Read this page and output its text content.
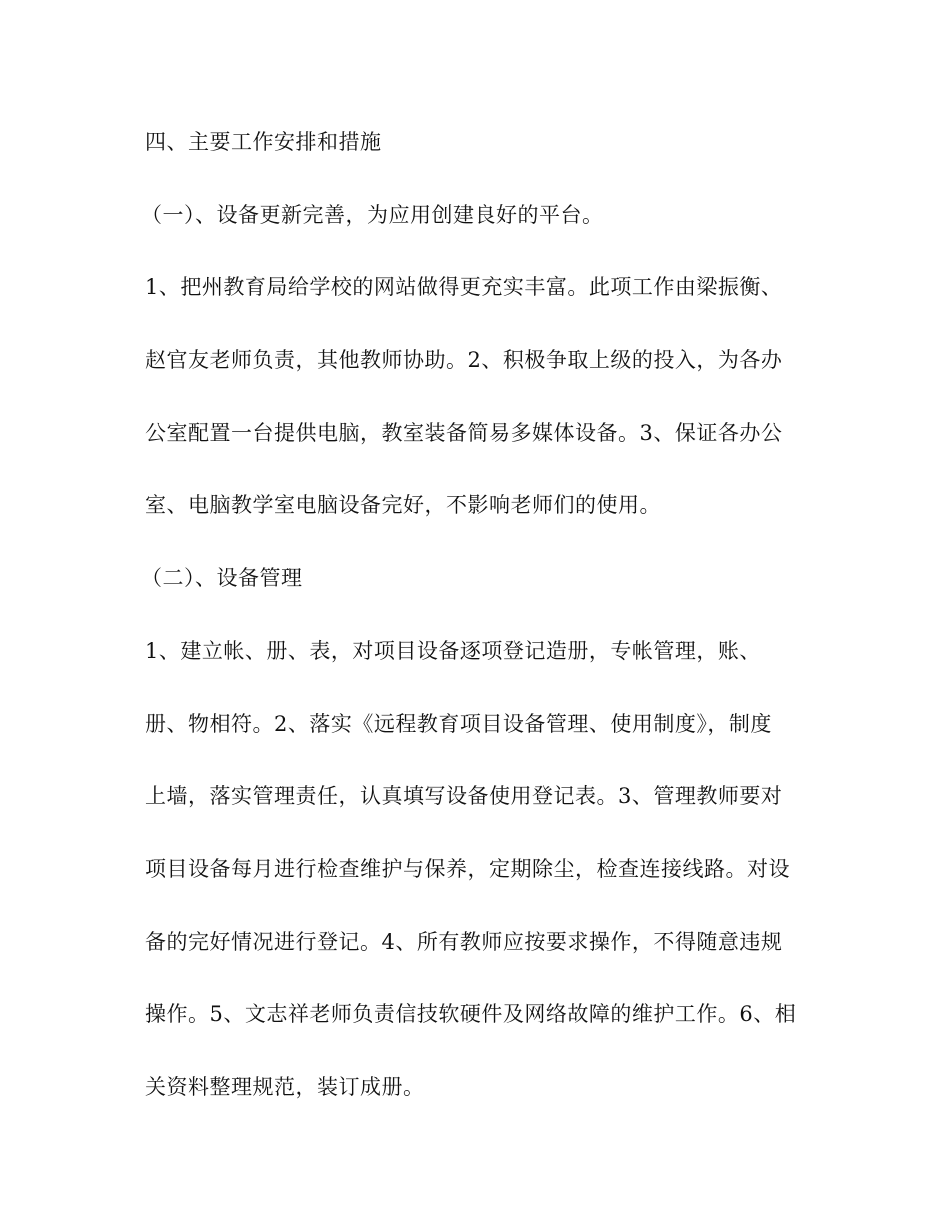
四、主要工作安排和措施
（一）、设备更新完善，为应用创建良好的平台。
1、把州教育局给学校的网站做得更充实丰富。此项工作由梁振衡、
赵官友老师负责，其他教师协助。2、积极争取上级的投入，为各办
公室配置一台提供电脑，教室装备简易多媒体设备。3、保证各办公
室、电脑教学室电脑设备完好，不影响老师们的使用。
（二）、设备管理
1、建立帐、册、表，对项目设备逐项登记造册，专帐管理，账、
册、物相符。2、落实《远程教育项目设备管理、使用制度》，制度
上墙，落实管理责任，认真填写设备使用登记表。3、管理教师要对
项目设备每月进行检查维护与保养，定期除尘，检查连接线路。对设
备的完好情况进行登记。4、所有教师应按要求操作，不得随意违规
操作。5、文志祥老师负责信技软硬件及网络故障的维护工作。6、相
关资料整理规范，装订成册。
